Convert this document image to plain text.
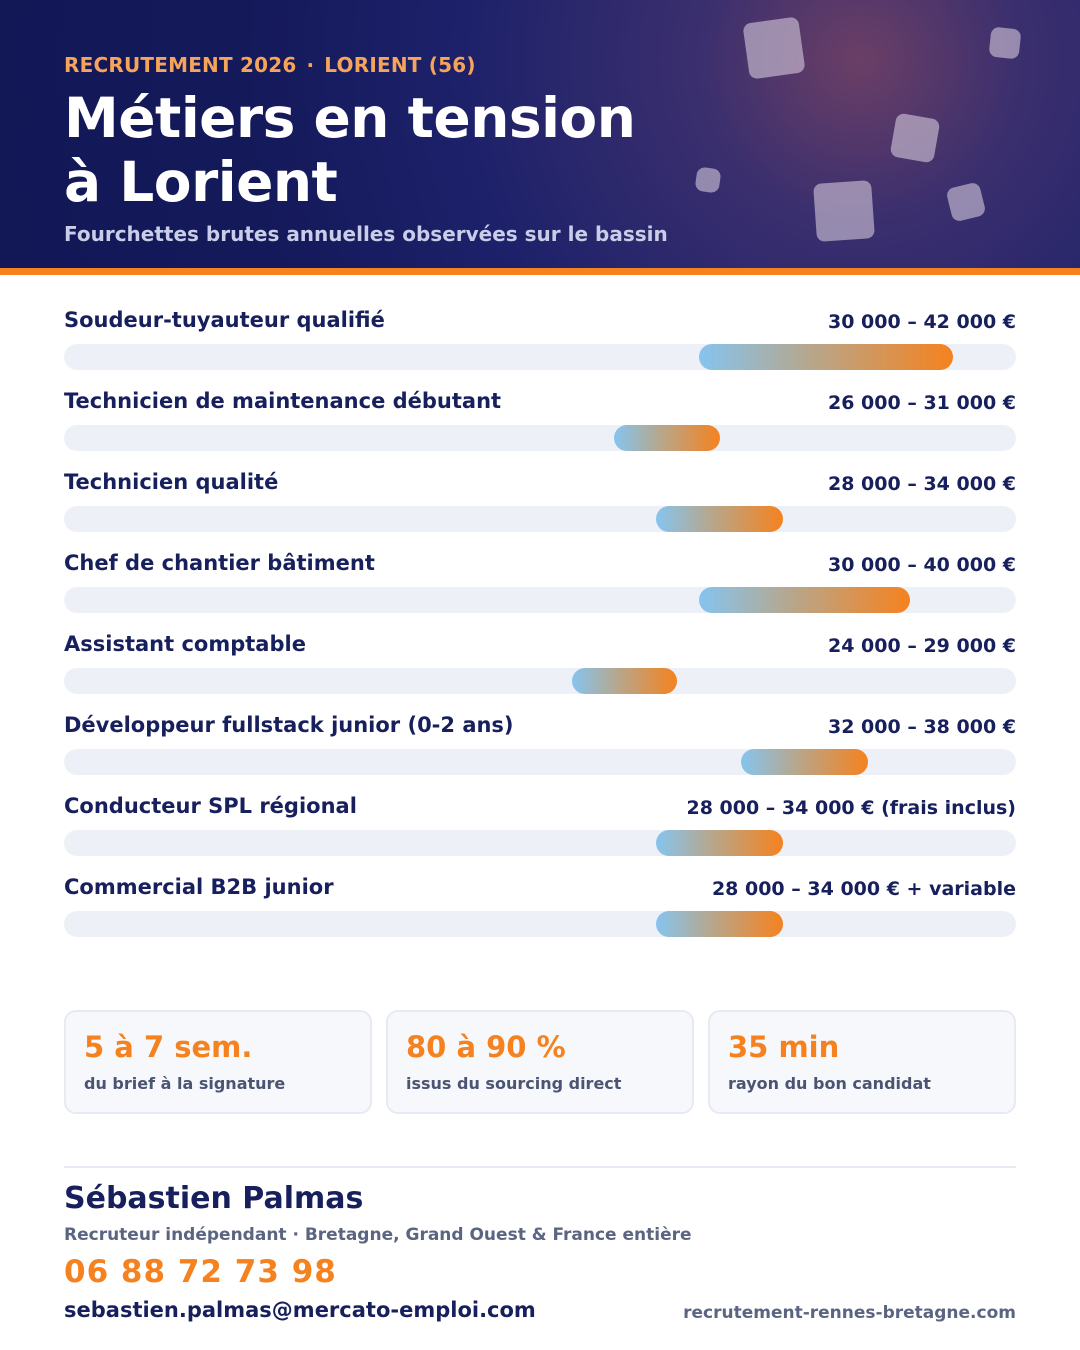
RECRUTEMENT 2026 · LORIENT (56)
Métiers en tension
à Lorient
Fourchettes brutes annuelles observées sur le bassin
Soudeur-tuyauteur qualifié	30 000 – 42 000 €
Technicien de maintenance débutant	26 000 – 31 000 €
Technicien qualité	28 000 – 34 000 €
Chef de chantier bâtiment	30 000 – 40 000 €
Assistant comptable	24 000 – 29 000 €
Développeur fullstack junior (0-2 ans)	32 000 – 38 000 €
Conducteur SPL régional	28 000 – 34 000 € (frais inclus)
Commercial B2B junior	28 000 – 34 000 € + variable
5 à 7 sem.
du brief à la signature
80 à 90 %
issus du sourcing direct
35 min
rayon du bon candidat
Sébastien Palmas
Recruteur indépendant · Bretagne, Grand Ouest & France entière
06 88 72 73 98
sebastien.palmas@mercato-emploi.com	recrutement-rennes-bretagne.com
